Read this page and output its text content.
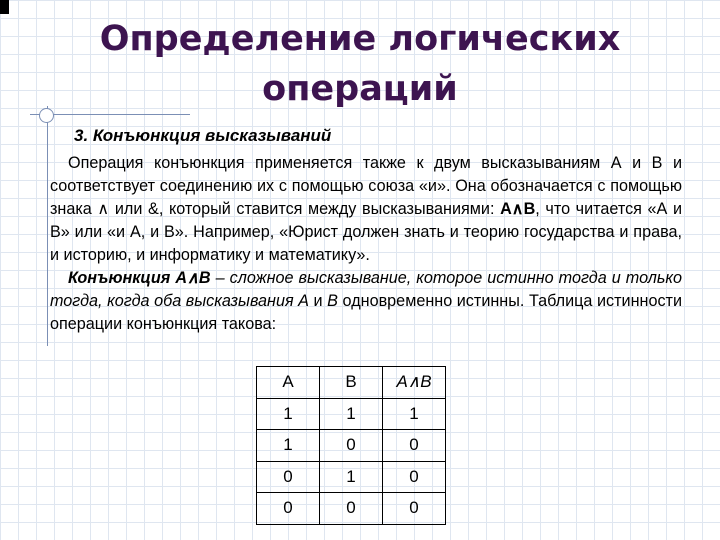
Определение логических операций
3. Конъюнкция высказываний

Операция конъюнкция применяется также к двум высказываниям А и В и соответствует соединению их с помощью союза «и». Она обозначается с помощью знака ∧ или &, который ставится между высказываниями: А∧В, что читается «А и В» или «и А, и В». Например, «Юрист должен знать и теорию государства и права, и историю, и информатику и математику».

Конъюнкция А∧В – сложное высказывание, которое истинно тогда и только тогда, когда оба высказывания А и В одновременно истинны. Таблица истинности операции конъюнкция такова:

А	В	А∧В
1	1	1
1	0	0
0	1	0
0	0	0
